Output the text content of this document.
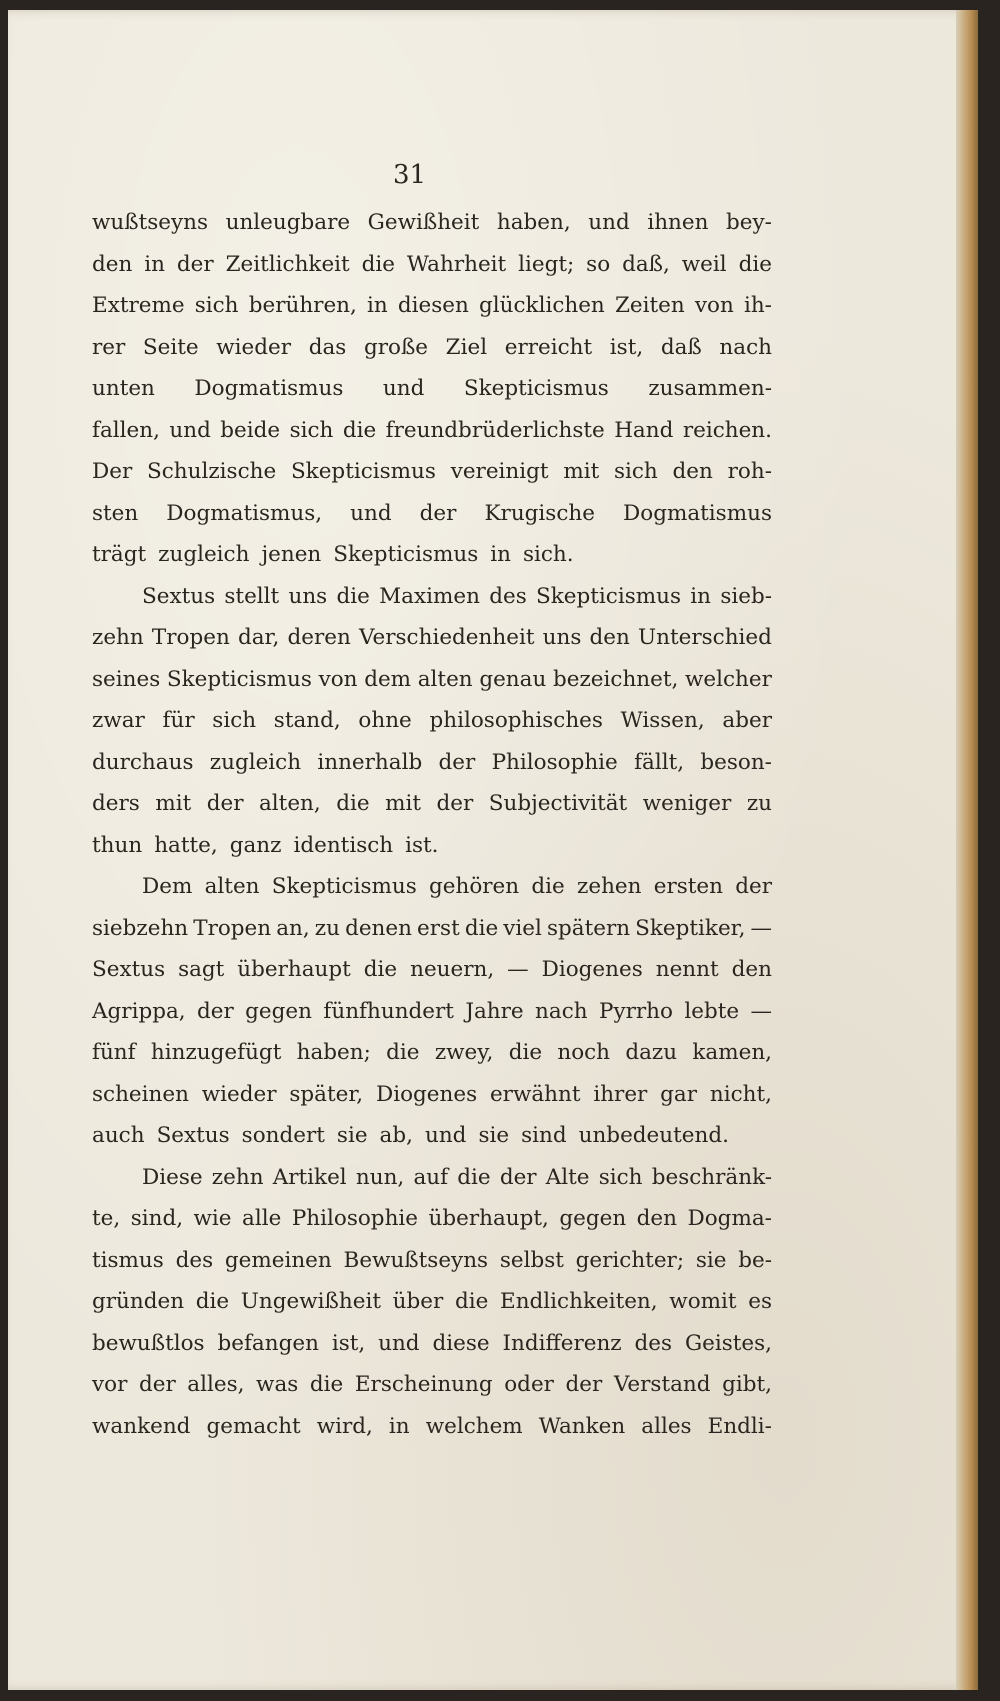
31
wußtseyns unleugbare Gewißheit haben, und ihnen bey-
den in der Zeitlichkeit die Wahrheit liegt; so daß, weil die
Extreme sich berühren, in diesen glücklichen Zeiten von ih-
rer Seite wieder das große Ziel erreicht ist, daß nach
unten Dogmatismus und Skepticismus zusammen-
fallen, und beide sich die freundbrüderlichste Hand reichen.
Der Schulzische Skepticismus vereinigt mit sich den roh-
sten Dogmatismus, und der Krugische Dogmatismus
trägt zugleich jenen Skepticismus in sich.
Sextus stellt uns die Maximen des Skepticismus in sieb-
zehn Tropen dar, deren Verschiedenheit uns den Unterschied
seines Skepticismus von dem alten genau bezeichnet, welcher
zwar für sich stand, ohne philosophisches Wissen, aber
durchaus zugleich innerhalb der Philosophie fällt, beson-
ders mit der alten, die mit der Subjectivität weniger zu
thun hatte, ganz identisch ist.
Dem alten Skepticismus gehören die zehen ersten der
siebzehn Tropen an, zu denen erst die viel spätern Skeptiker, —
Sextus sagt überhaupt die neuern, — Diogenes nennt den
Agrippa, der gegen fünfhundert Jahre nach Pyrrho lebte —
fünf hinzugefügt haben; die zwey, die noch dazu kamen,
scheinen wieder später, Diogenes erwähnt ihrer gar nicht,
auch Sextus sondert sie ab, und sie sind unbedeutend.
Diese zehn Artikel nun, auf die der Alte sich beschränk-
te, sind, wie alle Philosophie überhaupt, gegen den Dogma-
tismus des gemeinen Bewußtseyns selbst gerichter; sie be-
gründen die Ungewißheit über die Endlichkeiten, womit es
bewußtlos befangen ist, und diese Indifferenz des Geistes,
vor der alles, was die Erscheinung oder der Verstand gibt,
wankend gemacht wird, in welchem Wanken alles Endli-
